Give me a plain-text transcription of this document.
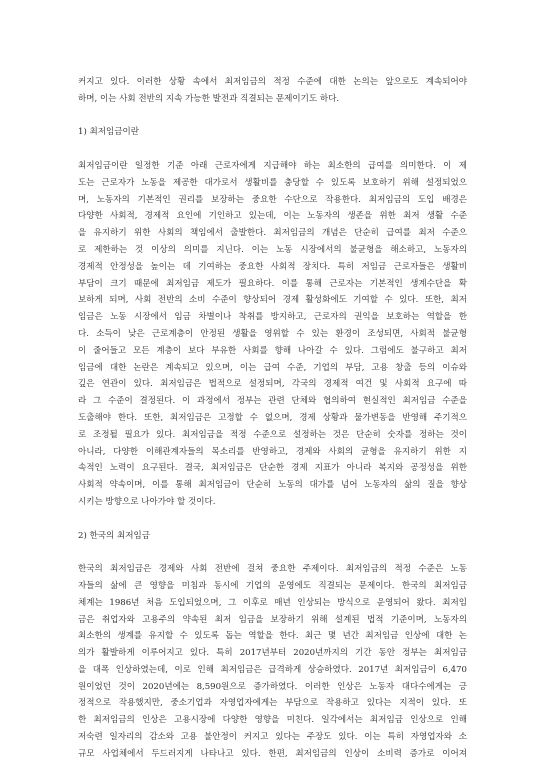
커지고 있다. 이러한 상황 속에서 최저임금의 적정 수준에 대한 논의는 앞으로도 계속되어야
하며, 이는 사회 전반의 지속 가능한 발전과 직결되는 문제이기도 하다.
1) 최저임금이란
최저임금이란 일정한 기준 아래 근로자에게 지급해야 하는 최소한의 급여를 의미한다. 이 제
도는 근로자가 노동을 제공한 대가로서 생활비를 충당할 수 있도록 보호하기 위해 설정되었으
며, 노동자의 기본적인 권리를 보장하는 중요한 수단으로 작용한다. 최저임금의 도입 배경은
다양한 사회적, 경제적 요인에 기인하고 있는데, 이는 노동자의 생존을 위한 최저 생활 수준
을 유지하기 위한 사회의 책임에서 출발한다. 최저임금의 개념은 단순히 급여를 최저 수준으
로 제한하는 것 이상의 의미를 지닌다. 이는 노동 시장에서의 불균형을 해소하고, 노동자의
경제적 안정성을 높이는 데 기여하는 중요한 사회적 장치다. 특히 저임금 근로자들은 생활비
부담이 크기 때문에 최저임금 제도가 필요하다. 이를 통해 근로자는 기본적인 생계수단을 확
보하게 되며, 사회 전반의 소비 수준이 향상되어 경제 활성화에도 기여할 수 있다. 또한, 최저
임금은 노동 시장에서 임금 차별이나 착취를 방지하고, 근로자의 권익을 보호하는 역할을 한
다. 소득이 낮은 근로계층이 안정된 생활을 영위할 수 있는 환경이 조성되면, 사회적 불균형
이 줄어들고 모든 계층이 보다 부유한 사회를 향해 나아갈 수 있다. 그럼에도 불구하고 최저
임금에 대한 논란은 계속되고 있으며, 이는 급여 수준, 기업의 부담, 고용 창출 등의 이슈와
깊은 연관이 있다. 최저임금은 법적으로 설정되며, 각국의 경제적 여건 및 사회적 요구에 따
라 그 수준이 결정된다. 이 과정에서 정부는 관련 단체와 협의하여 현실적인 최저임금 수준을
도출해야 한다. 또한, 최저임금은 고정할 수 없으며, 경제 상황과 물가변동을 반영해 주기적으
로 조정될 필요가 있다. 최저임금을 적정 수준으로 설정하는 것은 단순히 숫자를 정하는 것이
아니라, 다양한 이해관계자들의 목소리를 반영하고, 경제와 사회의 균형을 유지하기 위한 지
속적인 노력이 요구된다. 결국, 최저임금은 단순한 경제 지표가 아니라 복지와 공정성을 위한
사회적 약속이며, 이를 통해 최저임금이 단순히 노동의 대가를 넘어 노동자의 삶의 질을 향상
시키는 방향으로 나아가야 할 것이다.
2) 한국의 최저임금
한국의 최저임금은 경제와 사회 전반에 걸쳐 중요한 주제이다. 최저임금의 적정 수준은 노동
자들의 삶에 큰 영향을 미침과 동시에 기업의 운영에도 직결되는 문제이다. 한국의 최저임금
체계는 1986년 처음 도입되었으며, 그 이후로 매년 인상되는 방식으로 운영되어 왔다. 최저임
금은 취업자와 고용주의 약속된 최저 임금을 보장하기 위해 설계된 법적 기준이며, 노동자의
최소한의 생계를 유지할 수 있도록 돕는 역할을 한다. 최근 몇 년간 최저임금 인상에 대한 논
의가 활발하게 이루어지고 있다. 특히 2017년부터 2020년까지의 기간 동안 정부는 최저임금
을 대폭 인상하였는데, 이로 인해 최저임금은 급격하게 상승하였다. 2017년 최저임금이 6,470
원이었던 것이 2020년에는 8,590원으로 증가하였다. 이러한 인상은 노동자 대다수에게는 긍
정적으로 작용했지만, 중소기업과 자영업자에게는 부담으로 작용하고 있다는 지적이 있다. 또
한 최저임금의 인상은 고용시장에 다양한 영향을 미친다. 일각에서는 최저임금 인상으로 인해
저숙련 일자리의 감소와 고용 불안정이 커지고 있다는 주장도 있다. 이는 특히 자영업자와 소
규모 사업체에서 두드러지게 나타나고 있다. 한편, 최저임금의 인상이 소비력 증가로 이어져
